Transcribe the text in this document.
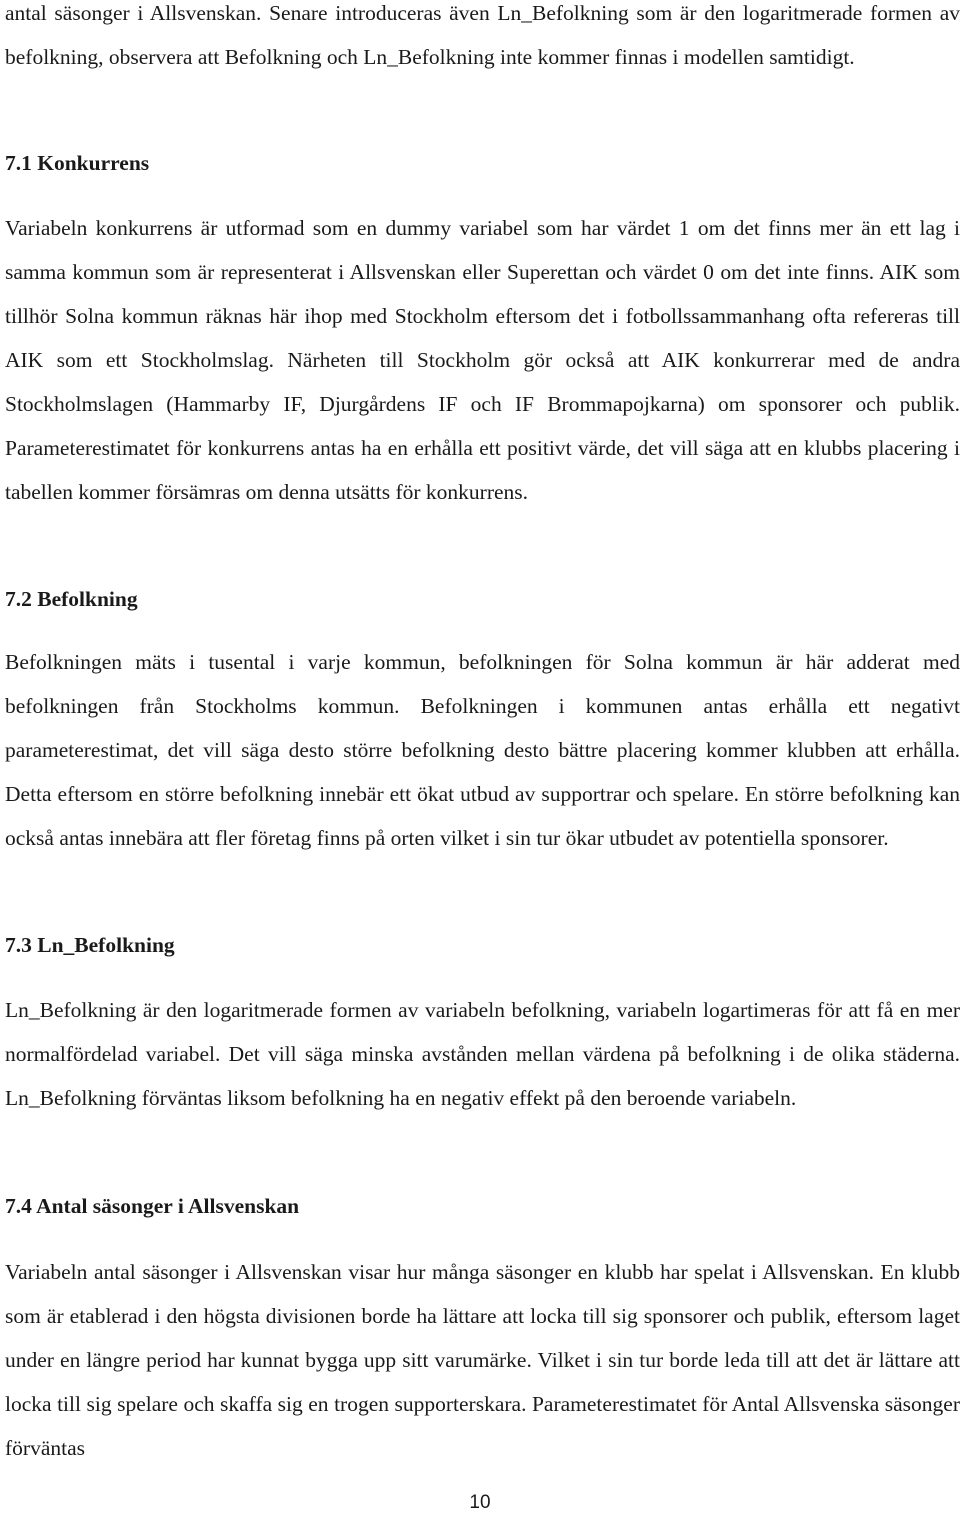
antal säsonger i Allsvenskan. Senare introduceras även Ln_Befolkning som är den logaritmerade formen av befolkning, observera att Befolkning och Ln_Befolkning inte kommer finnas i modellen samtidigt.

7.1 Konkurrens

Variabeln konkurrens är utformad som en dummy variabel som har värdet 1 om det finns mer än ett lag i samma kommun som är representerat i Allsvenskan eller Superettan och värdet 0 om det inte finns. AIK som tillhör Solna kommun räknas här ihop med Stockholm eftersom det i fotbollssammanhang ofta refereras till AIK som ett Stockholmslag. Närheten till Stockholm gör också att AIK konkurrerar med de andra Stockholmslagen (Hammarby IF, Djurgårdens IF och IF Brommapojkarna) om sponsorer och publik. Parameterestimatet för konkurrens antas ha en erhålla ett positivt värde, det vill säga att en klubbs placering i tabellen kommer försämras om denna utsätts för konkurrens.

7.2 Befolkning

Befolkningen mäts i tusental i varje kommun, befolkningen för Solna kommun är här adderat med befolkningen från Stockholms kommun. Befolkningen i kommunen antas erhålla ett negativt parameterestimat, det vill säga desto större befolkning desto bättre placering kommer klubben att erhålla. Detta eftersom en större befolkning innebär ett ökat utbud av supportrar och spelare. En större befolkning kan också antas innebära att fler företag finns på orten vilket i sin tur ökar utbudet av potentiella sponsorer.

7.3 Ln_Befolkning

Ln_Befolkning är den logaritmerade formen av variabeln befolkning, variabeln logartimeras för att få en mer normalfördelad variabel. Det vill säga minska avstånden mellan värdena på befolkning i de olika städerna. Ln_Befolkning förväntas liksom befolkning ha en negativ effekt på den beroende variabeln.

7.4 Antal säsonger i Allsvenskan

Variabeln antal säsonger i Allsvenskan visar hur många säsonger en klubb har spelat i Allsvenskan. En klubb som är etablerad i den högsta divisionen borde ha lättare att locka till sig sponsorer och publik, eftersom laget under en längre period har kunnat bygga upp sitt varumärke. Vilket i sin tur borde leda till att det är lättare att locka till sig spelare och skaffa sig en trogen supporterskara. Parameterestimatet för Antal Allsvenska säsonger förväntas

10
